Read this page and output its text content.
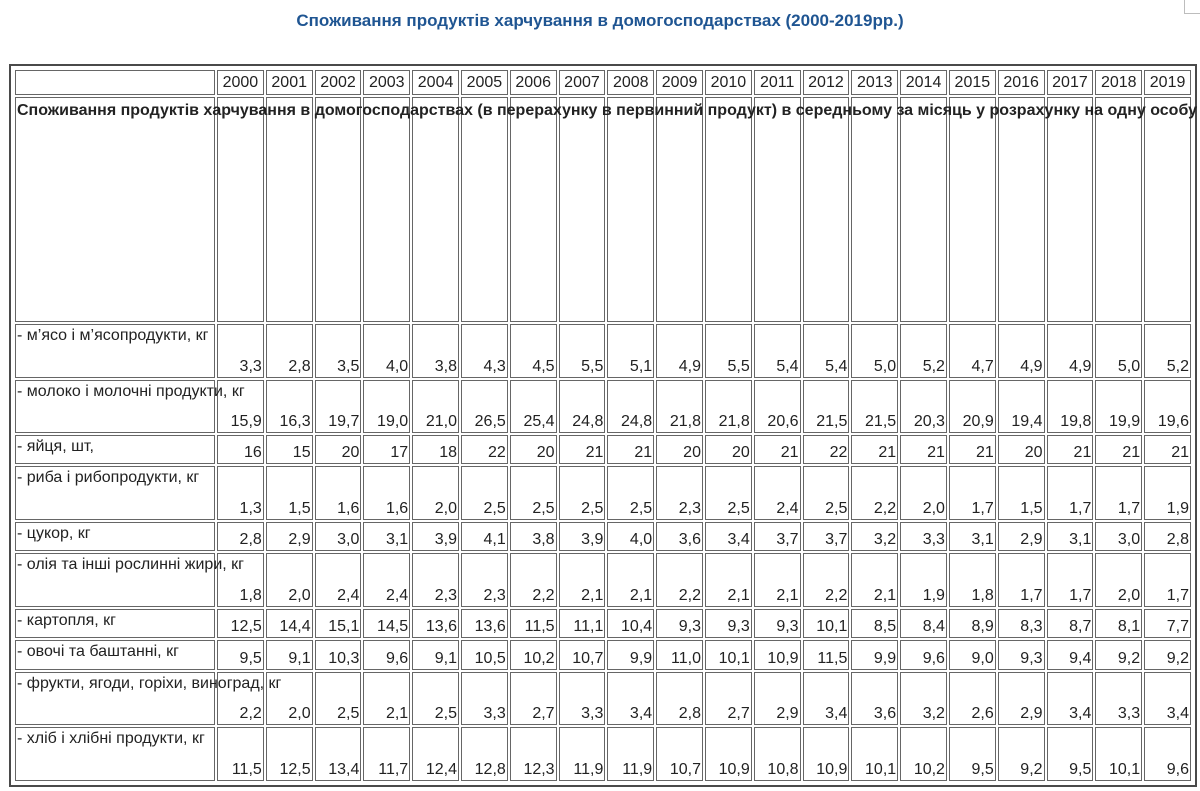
Споживання продуктів харчування в домогосподарствах (2000-2019рр.)
	2000	2001	2002	2003	2004	2005	2006	2007	2008	2009	2010	2011	2012	2013	2014	2015	2016	2017	2018	2019
Споживання продуктів харчування в домогосподарствах (в перерахунку в первинний продукт) в середньому за місяць у розрахунку на одну особу																				
- м’ясо і м’ясопродукти, кг	3,3	2,8	3,5	4,0	3,8	4,3	4,5	5,5	5,1	4,9	5,5	5,4	5,4	5,0	5,2	4,7	4,9	4,9	5,0	5,2
- молоко і молочні продукти, кг	15,9	16,3	19,7	19,0	21,0	26,5	25,4	24,8	24,8	21,8	21,8	20,6	21,5	21,5	20,3	20,9	19,4	19,8	19,9	19,6
- яйця, шт,	16	15	20	17	18	22	20	21	21	20	20	21	22	21	21	21	20	21	21	21
- риба і рибопродукти, кг	1,3	1,5	1,6	1,6	2,0	2,5	2,5	2,5	2,5	2,3	2,5	2,4	2,5	2,2	2,0	1,7	1,5	1,7	1,7	1,9
- цукор, кг	2,8	2,9	3,0	3,1	3,9	4,1	3,8	3,9	4,0	3,6	3,4	3,7	3,7	3,2	3,3	3,1	2,9	3,1	3,0	2,8
- олія та інші рослинні жири, кг	1,8	2,0	2,4	2,4	2,3	2,3	2,2	2,1	2,1	2,2	2,1	2,1	2,2	2,1	1,9	1,8	1,7	1,7	2,0	1,7
- картопля, кг	12,5	14,4	15,1	14,5	13,6	13,6	11,5	11,1	10,4	9,3	9,3	9,3	10,1	8,5	8,4	8,9	8,3	8,7	8,1	7,7
- овочі та баштанні, кг	9,5	9,1	10,3	9,6	9,1	10,5	10,2	10,7	9,9	11,0	10,1	10,9	11,5	9,9	9,6	9,0	9,3	9,4	9,2	9,2
- фрукти, ягоди, горіхи, виноград, кг	2,2	2,0	2,5	2,1	2,5	3,3	2,7	3,3	3,4	2,8	2,7	2,9	3,4	3,6	3,2	2,6	2,9	3,4	3,3	3,4
- хліб і хлібні продукти, кг	11,5	12,5	13,4	11,7	12,4	12,8	12,3	11,9	11,9	10,7	10,9	10,8	10,9	10,1	10,2	9,5	9,2	9,5	10,1	9,6
